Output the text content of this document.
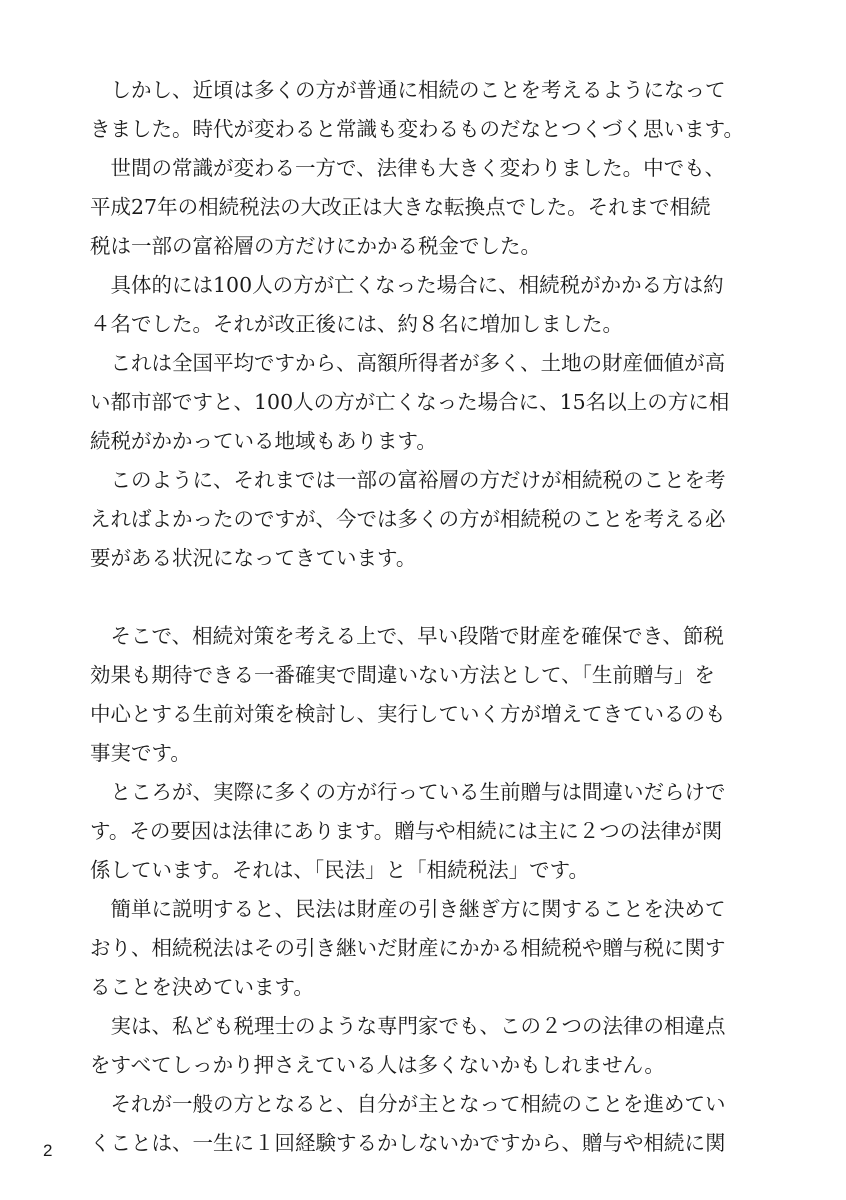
　しかし、近頃は多くの方が普通に相続のことを考えるようになって
きました。時代が変わると常識も変わるものだなとつくづく思います。
　世間の常識が変わる一方で、法律も大きく変わりました。中でも、
平成27年の相続税法の大改正は大きな転換点でした。それまで相続
税は一部の富裕層の方だけにかかる税金でした。
　具体的には100人の方が亡くなった場合に、相続税がかかる方は約
４名でした。それが改正後には、約８名に増加しました。
　これは全国平均ですから、高額所得者が多く、土地の財産価値が高
い都市部ですと、100人の方が亡くなった場合に、15名以上の方に相
続税がかかっている地域もあります。
　このように、それまでは一部の富裕層の方だけが相続税のことを考
えればよかったのですが、今では多くの方が相続税のことを考える必
要がある状況になってきています。
　そこで、相続対策を考える上で、早い段階で財産を確保でき、節税
効果も期待できる一番確実で間違いない方法として、「生前贈与」を
中心とする生前対策を検討し、実行していく方が増えてきているのも
事実です。
　ところが、実際に多くの方が行っている生前贈与は間違いだらけで
す。その要因は法律にあります。贈与や相続には主に２つの法律が関
係しています。それは、「民法」と「相続税法」です。
　簡単に説明すると、民法は財産の引き継ぎ方に関することを決めて
おり、相続税法はその引き継いだ財産にかかる相続税や贈与税に関す
ることを決めています。
　実は、私ども税理士のような専門家でも、この２つの法律の相違点
をすべてしっかり押さえている人は多くないかもしれません。
　それが一般の方となると、自分が主となって相続のことを進めてい
くことは、一生に１回経験するかしないかですから、贈与や相続に関
2
